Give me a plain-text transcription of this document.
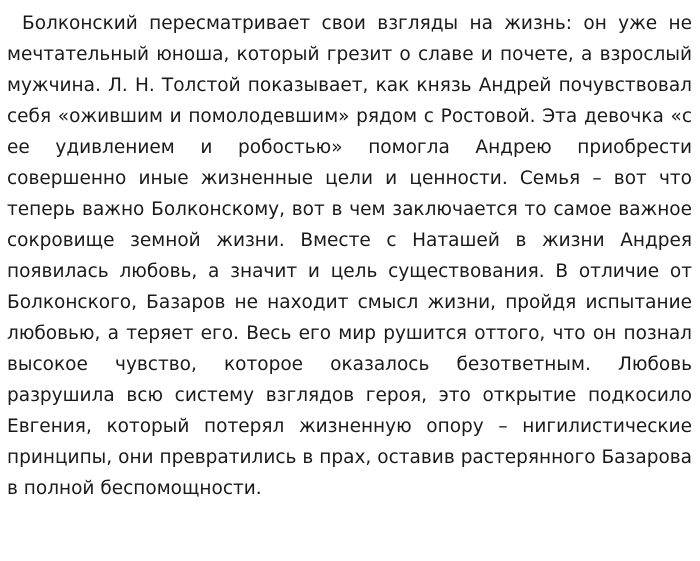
Болконский пересматривает свои взгляды на жизнь: он уже не мечтательный юноша, который грезит о славе и почете, а взрослый мужчина. Л. Н. Толстой показывает, как князь Андрей почувствовал себя «ожившим и помолодевшим» рядом с Ростовой. Эта девочка «с ее удивлением и робостью» помогла Андрею приобрести совершенно иные жизненные цели и ценности. Семья – вот что теперь важно Болконскому, вот в чем заключается то самое важное сокровище земной жизни. Вместе с Наташей в жизни Андрея появилась любовь, а значит и цель существования. В отличие от Болконского, Базаров не находит смысл жизни, пройдя испытание любовью, а теряет его. Весь его мир рушится оттого, что он познал высокое чувство, которое оказалось безответным. Любовь разрушила всю систему взглядов героя, это открытие подкосило Евгения, который потерял жизненную опору – нигилистические принципы, они превратились в прах, оставив растерянного Базарова в полной беспомощности.
